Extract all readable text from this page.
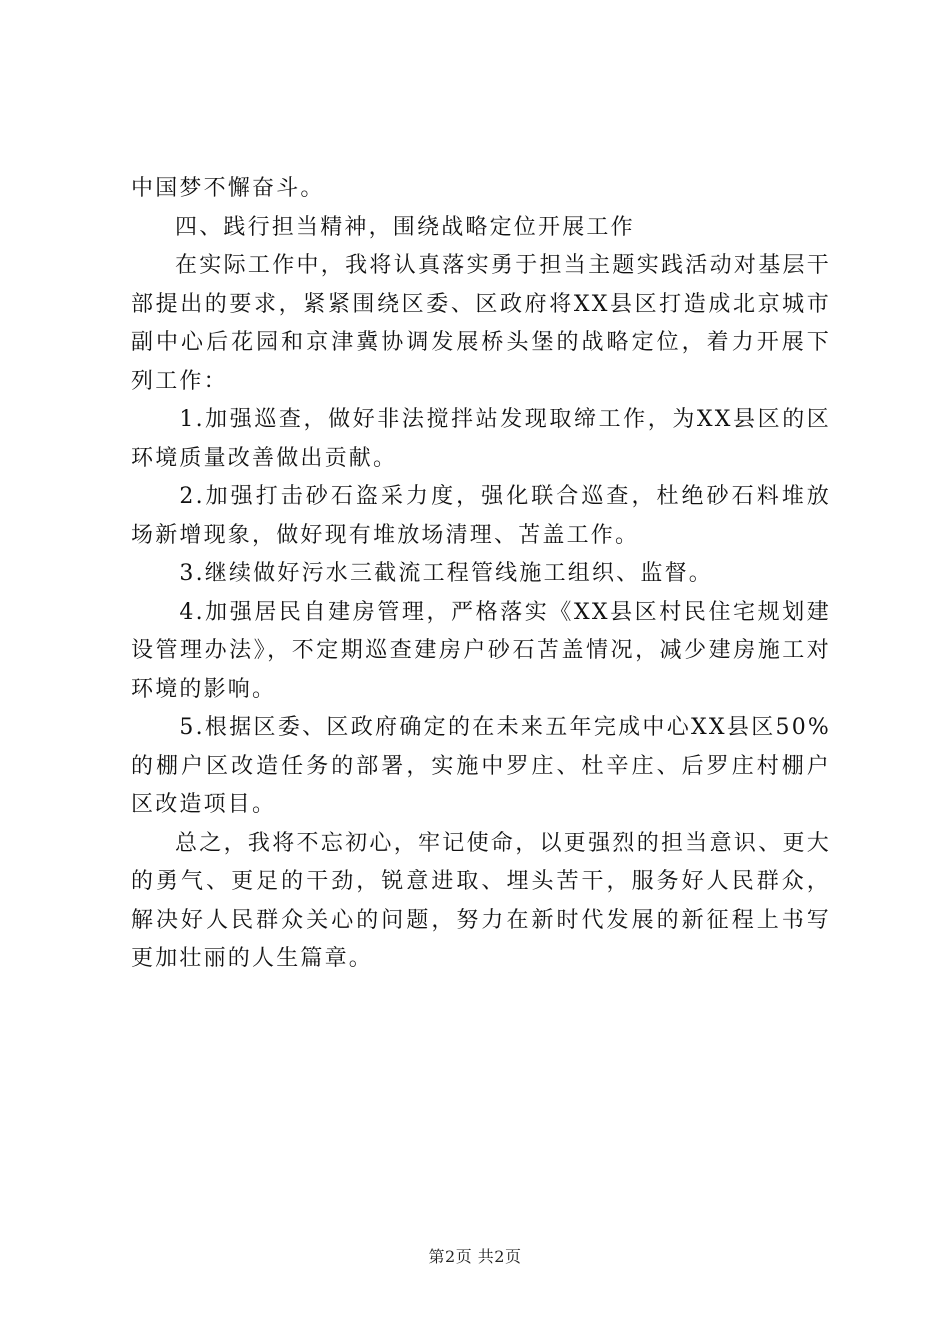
中国梦不懈奋斗。

四、践行担当精神，围绕战略定位开展工作

在实际工作中，我将认真落实勇于担当主题实践活动对基层干部提出的要求，紧紧围绕区委、区政府将XX县区打造成北京城市副中心后花园和京津冀协调发展桥头堡的战略定位，着力开展下列工作：

1.加强巡查，做好非法搅拌站发现取缔工作，为XX县区的区环境质量改善做出贡献。

2.加强打击砂石盗采力度，强化联合巡查，杜绝砂石料堆放场新增现象，做好现有堆放场清理、苫盖工作。

3.继续做好污水三截流工程管线施工组织、监督。

4.加强居民自建房管理，严格落实《XX县区村民住宅规划建设管理办法》，不定期巡查建房户砂石苫盖情况，减少建房施工对环境的影响。

5.根据区委、区政府确定的在未来五年完成中心XX县区50%的棚户区改造任务的部署，实施中罗庄、杜辛庄、后罗庄村棚户区改造项目。

总之，我将不忘初心，牢记使命，以更强烈的担当意识、更大的勇气、更足的干劲，锐意进取、埋头苦干，服务好人民群众，解决好人民群众关心的问题，努力在新时代发展的新征程上书写更加壮丽的人生篇章。

第2页 共2页
